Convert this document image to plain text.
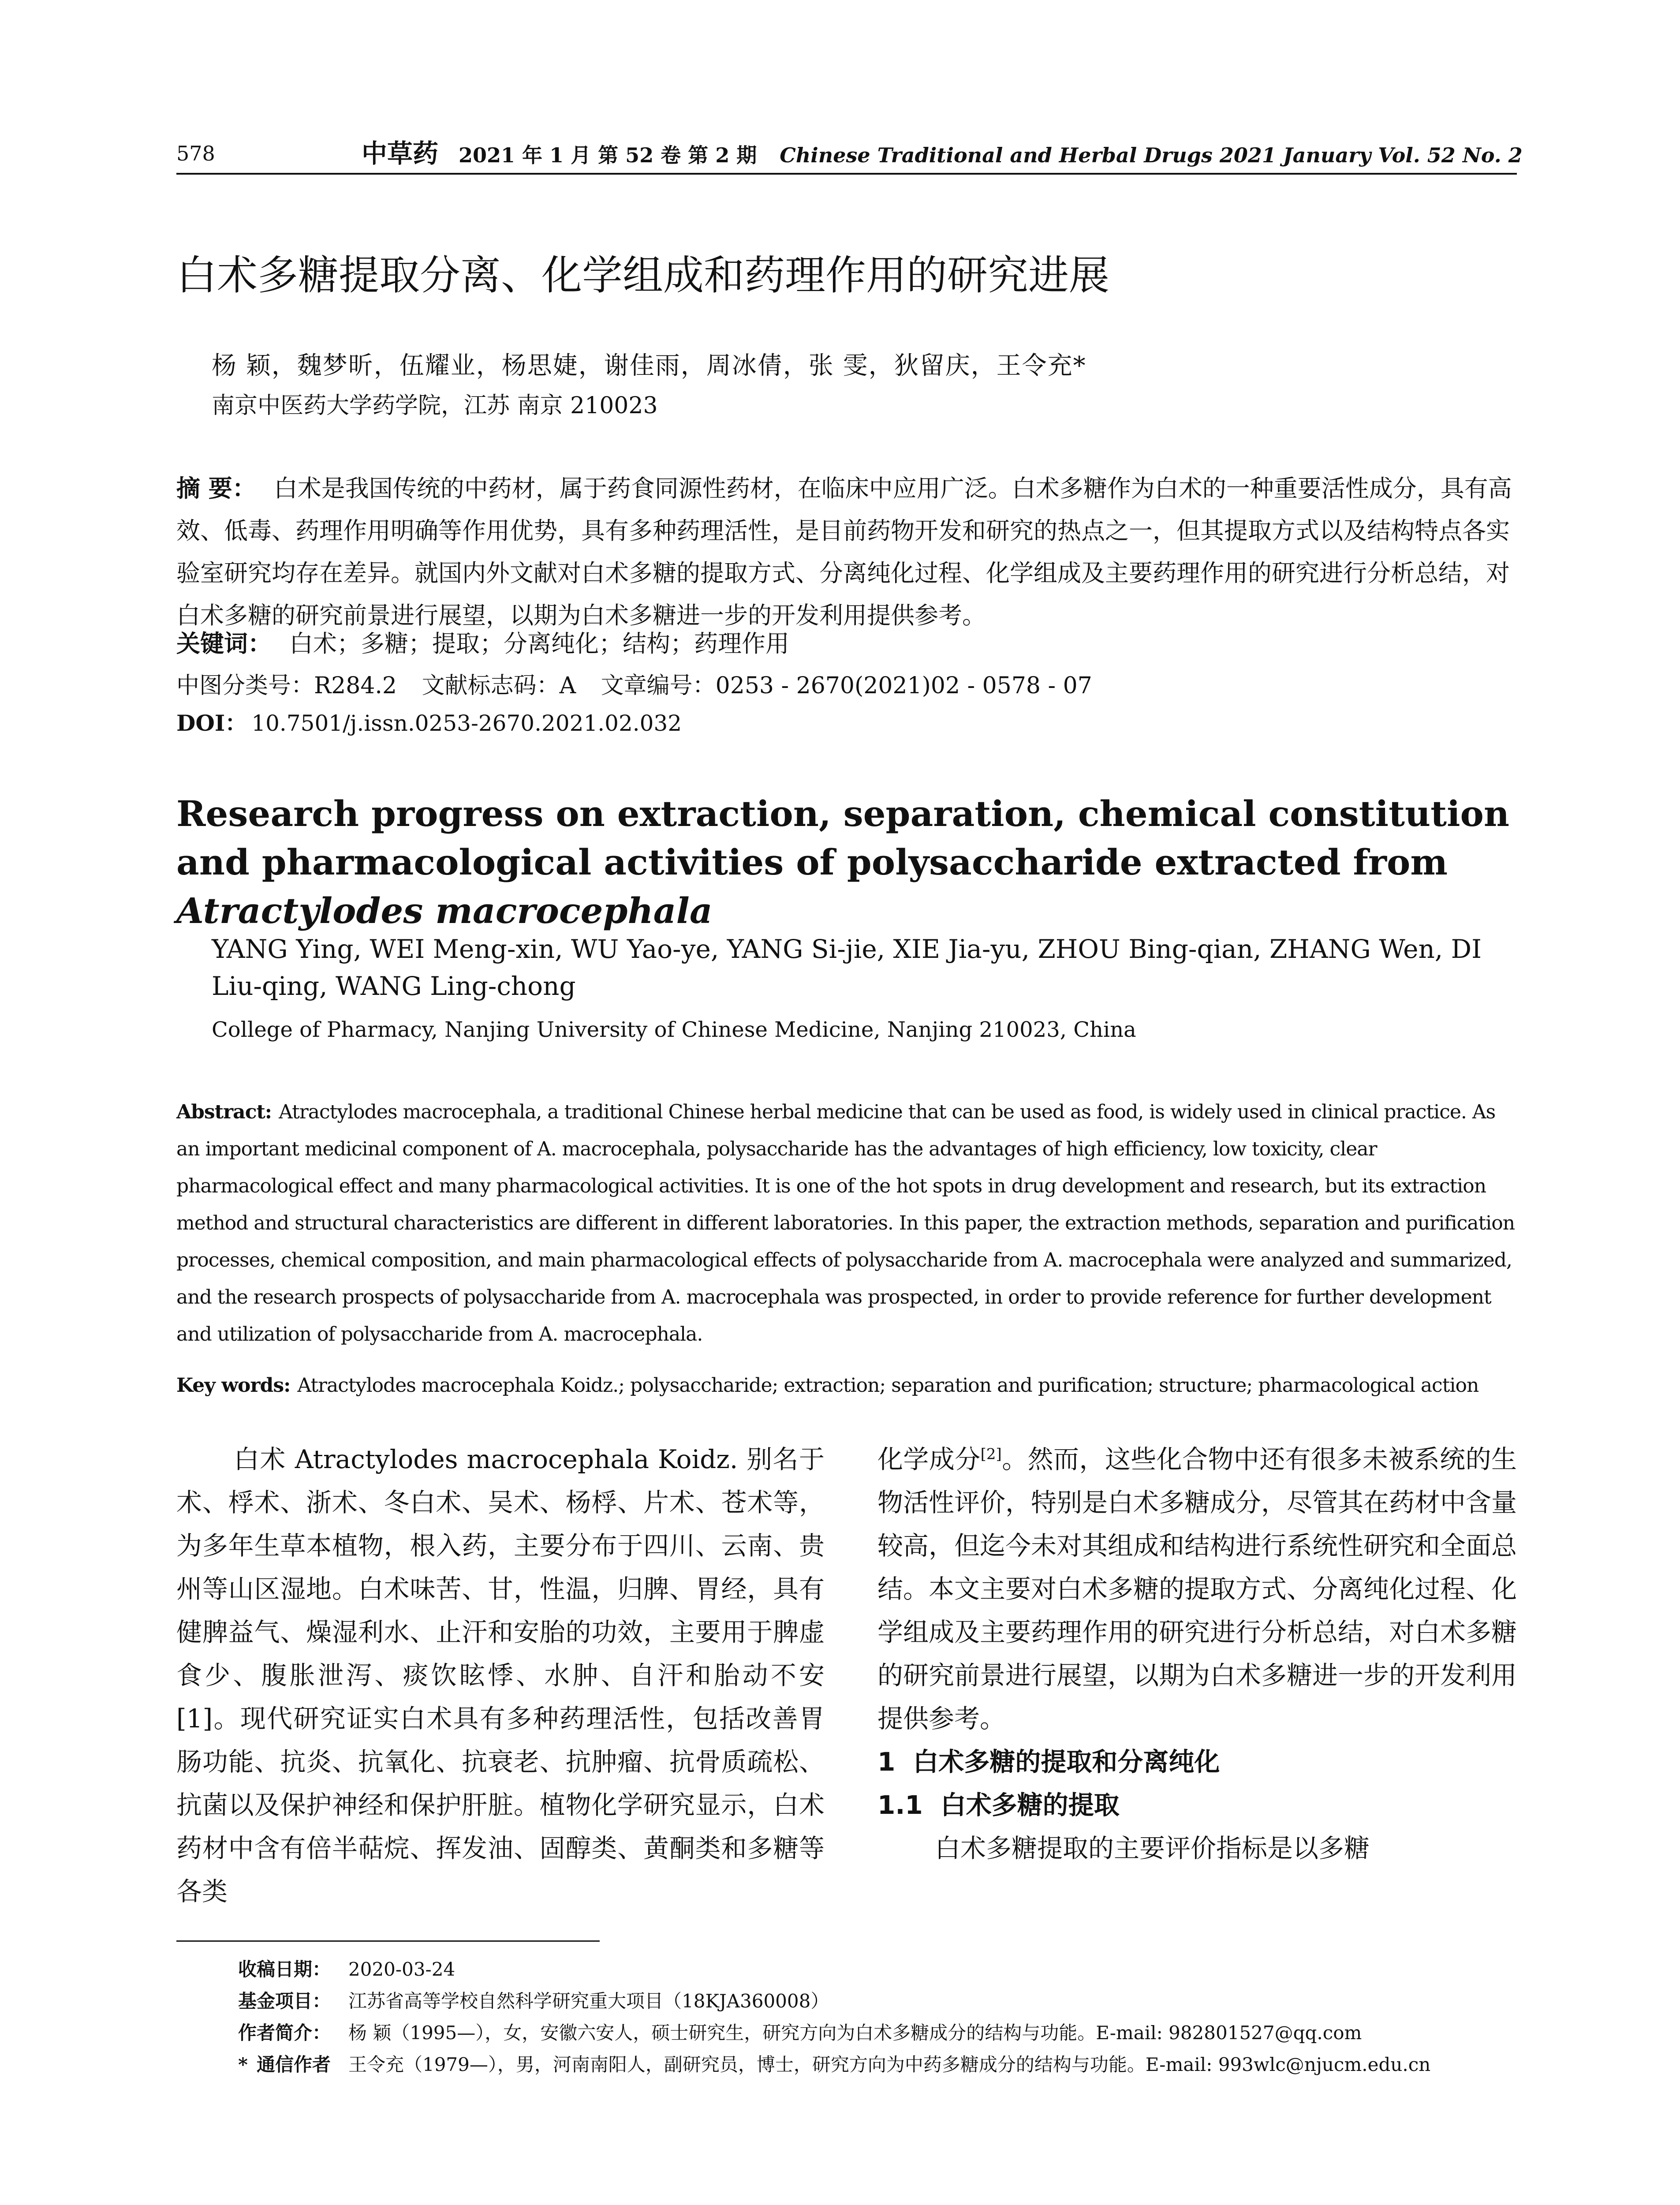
578	中草药 2021 年 1 月 第 52 卷 第 2 期 Chinese Traditional and Herbal Drugs 2021 January Vol. 52 No. 2
白术多糖提取分离、化学组成和药理作用的研究进展
杨 颖，魏梦昕，伍耀业，杨思婕，谢佳雨，周冰倩，张 雯，狄留庆，王令充*
南京中医药大学药学院，江苏 南京 210023
摘 要： 白术是我国传统的中药材，属于药食同源性药材，在临床中应用广泛。白术多糖作为白术的一种重要活性成分，具有高效、低毒、药理作用明确等作用优势，具有多种药理活性，是目前药物开发和研究的热点之一，但其提取方式以及结构特点各实验室研究均存在差异。就国内外文献对白术多糖的提取方式、分离纯化过程、化学组成及主要药理作用的研究进行分析总结，对白术多糖的研究前景进行展望，以期为白术多糖进一步的开发利用提供参考。
关键词： 白术；多糖；提取；分离纯化；结构；药理作用
中图分类号：R284.2 文献标志码：A 文章编号：0253 - 2670(2021)02 - 0578 - 07
DOI： 10.7501/j.issn.0253-2670.2021.02.032
Research progress on extraction, separation, chemical constitution and pharmacological activities of polysaccharide extracted from Atractylodes macrocephala
YANG Ying, WEI Meng-xin, WU Yao-ye, YANG Si-jie, XIE Jia-yu, ZHOU Bing-qian, ZHANG Wen, DI Liu-qing, WANG Ling-chong
College of Pharmacy, Nanjing University of Chinese Medicine, Nanjing 210023, China
Abstract: Atractylodes macrocephala, a traditional Chinese herbal medicine that can be used as food, is widely used in clinical practice. As an important medicinal component of A. macrocephala, polysaccharide has the advantages of high efficiency, low toxicity, clear pharmacological effect and many pharmacological activities. It is one of the hot spots in drug development and research, but its extraction method and structural characteristics are different in different laboratories. In this paper, the extraction methods, separation and purification processes, chemical composition, and main pharmacological effects of polysaccharide from A. macrocephala were analyzed and summarized, and the research prospects of polysaccharide from A. macrocephala was prospected, in order to provide reference for further development and utilization of polysaccharide from A. macrocephala.
Key words: Atractylodes macrocephala Koidz.; polysaccharide; extraction; separation and purification; structure; pharmacological action
白术 Atractylodes macrocephala Koidz. 别名于术、桴术、浙术、冬白术、吴术、杨桴、片术、苍术等，为多年生草本植物，根入药，主要分布于四川、云南、贵州等山区湿地。白术味苦、甘，性温，归脾、胃经，具有健脾益气、燥湿利水、止汗和安胎的功效，主要用于脾虚食少、腹胀泄泻、痰饮眩悸、水肿、自汗和胎动不安[1]。现代研究证实白术具有多种药理活性，包括改善胃肠功能、抗炎、抗氧化、抗衰老、抗肿瘤、抗骨质疏松、抗菌以及保护神经和保护肝脏。植物化学研究显示，白术药材中含有倍半萜烷、挥发油、固醇类、黄酮类和多糖等各类
化学成分[2]。然而，这些化合物中还有很多未被系统的生物活性评价，特别是白术多糖成分，尽管其在药材中含量较高，但迄今未对其组成和结构进行系统性研究和全面总结。本文主要对白术多糖的提取方式、分离纯化过程、化学组成及主要药理作用的研究进行分析总结，对白术多糖的研究前景进行展望，以期为白术多糖进一步的开发利用提供参考。
1 白术多糖的提取和分离纯化
1.1 白术多糖的提取
白术多糖提取的主要评价指标是以多糖
收稿日期： 2020-03-24
基金项目： 江苏省高等学校自然科学研究重大项目（18KJA360008）
作者简介： 杨 颖（1995—），女，安徽六安人，硕士研究生，研究方向为白术多糖成分的结构与功能。E-mail: 982801527@qq.com
* 通信作者 王令充（1979—），男，河南南阳人，副研究员，博士，研究方向为中药多糖成分的结构与功能。E-mail: 993wlc@njucm.edu.cn
